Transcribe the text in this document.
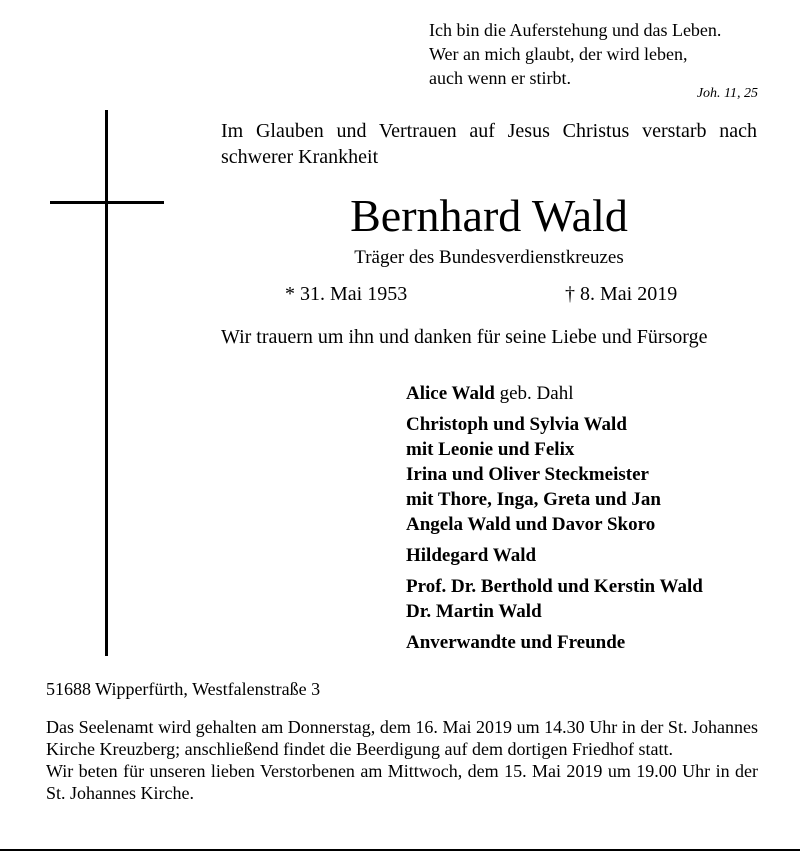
Ich bin die Auferstehung und das Leben.
Wer an mich glaubt, der wird leben,
auch wenn er stirbt.
Joh. 11, 25
Im Glauben und Vertrauen auf Jesus Christus verstarb nach schwerer Krankheit
Bernhard Wald
Träger des Bundesverdienstkreuzes
* 31. Mai 1953	† 8. Mai 2019
Wir trauern um ihn und danken für seine Liebe und Fürsorge
Alice Wald geb. Dahl
Christoph und Sylvia Wald
mit Leonie und Felix
Irina und Oliver Steckmeister
mit Thore, Inga, Greta und Jan
Angela Wald und Davor Skoro
Hildegard Wald
Prof. Dr. Berthold und Kerstin Wald
Dr. Martin Wald
Anverwandte und Freunde
51688 Wipperfürth, Westfalenstraße 3

Das Seelenamt wird gehalten am Donnerstag, dem 16. Mai 2019 um 14.30 Uhr in der St. Johannes Kirche Kreuzberg; anschließend findet die Beerdigung auf dem dortigen Friedhof statt.

Wir beten für unseren lieben Verstorbenen am Mittwoch, dem 15. Mai 2019 um 19.00 Uhr in der St. Johannes Kirche.
